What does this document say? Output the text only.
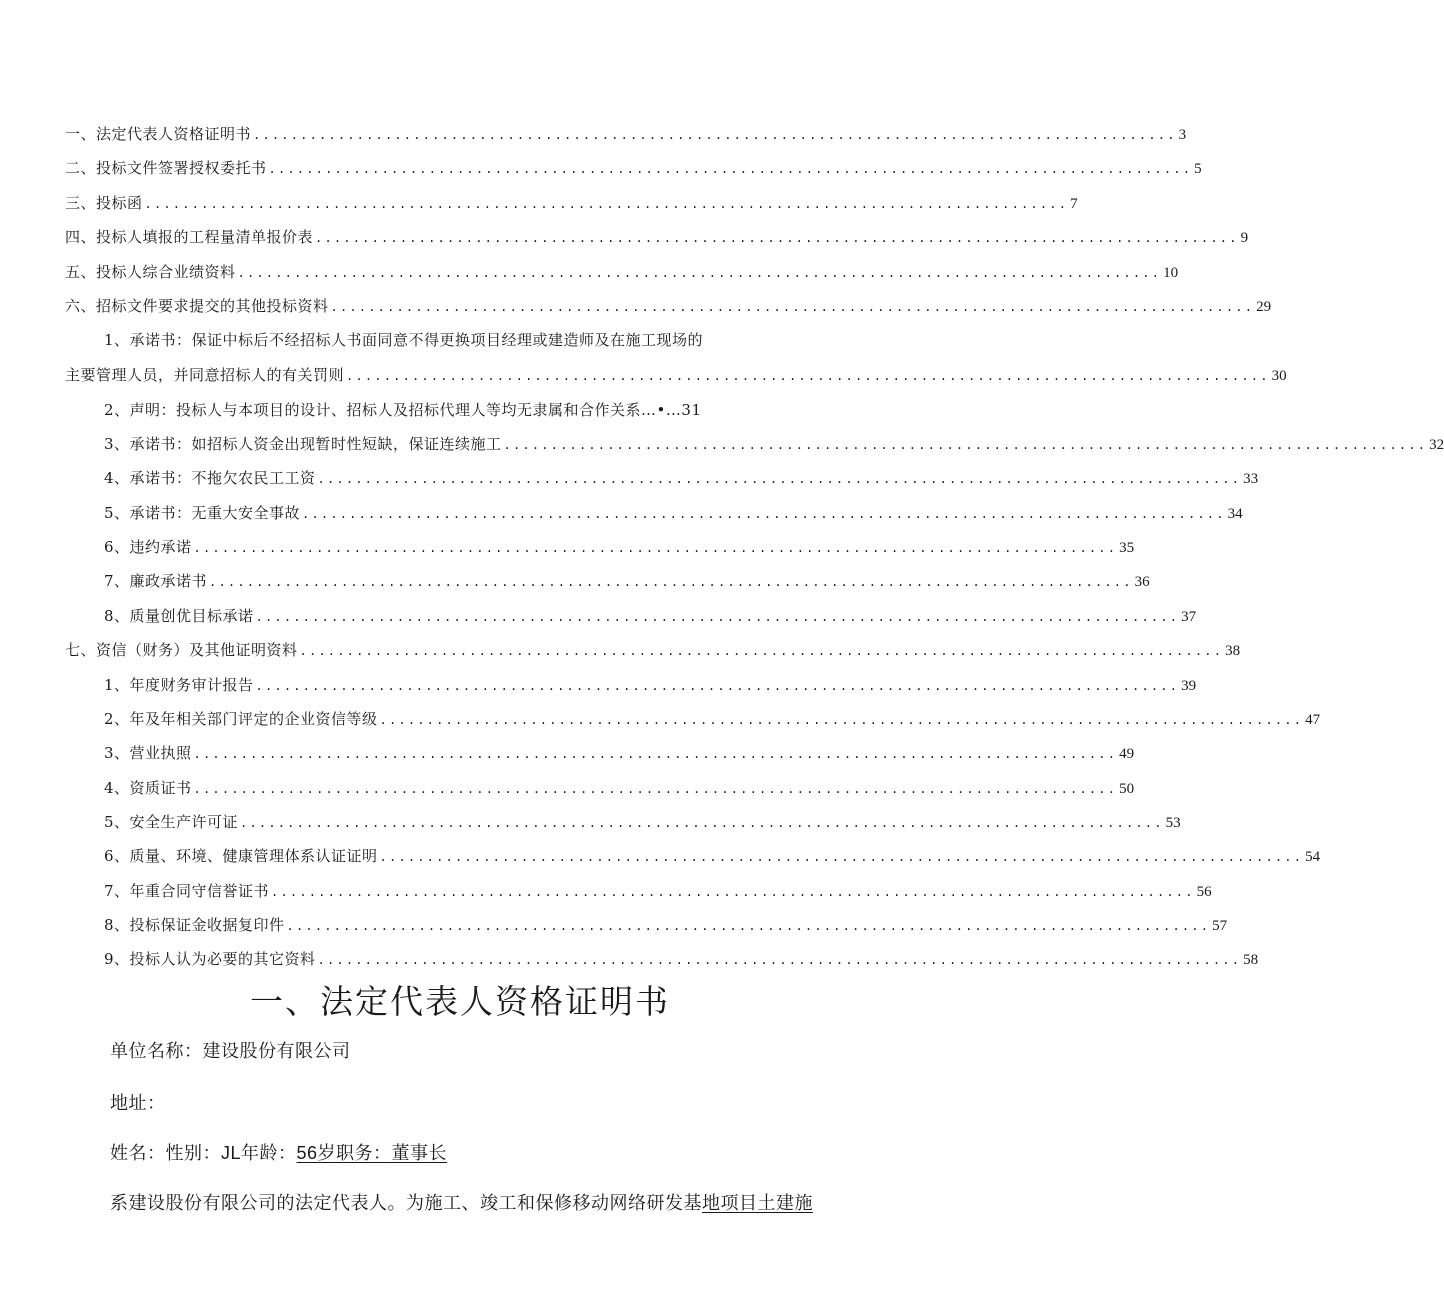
一、法定代表人资格证明书 .................................................................................................. 3
二、投标文件签署授权委托书 .................................................................................................. 5
三、投标函 .................................................................................................. 7
四、投标人填报的工程量清单报价表 .................................................................................................. 9
五、投标人综合业绩资料 .................................................................................................. 10
六、招标文件要求提交的其他投标资料 .................................................................................................. 29
1、承诺书：保证中标后不经招标人书面同意不得更换项目经理或建造师及在施工现场的
主要管理人员，并同意招标人的有关罚则 .................................................................................................. 30
2、声明：投标人与本项目的设计、招标人及招标代理人等均无隶属和合作关系…•…31
3、承诺书：如招标人资金出现暂时性短缺，保证连续施工 .................................................................................................. 32
4、承诺书：不拖欠农民工工资 .................................................................................................. 33
5、承诺书：无重大安全事故 .................................................................................................. 34
6、违约承诺 .................................................................................................. 35
7、廉政承诺书 .................................................................................................. 36
8、质量创优目标承诺 .................................................................................................. 37
七、资信（财务）及其他证明资料 .................................................................................................. 38
1、年度财务审计报告 .................................................................................................. 39
2、年及年相关部门评定的企业资信等级 .................................................................................................. 47
3、营业执照 .................................................................................................. 49
4、资质证书 .................................................................................................. 50
5、安全生产许可证 .................................................................................................. 53
6、质量、环境、健康管理体系认证证明 .................................................................................................. 54
7、年重合同守信誉证书 .................................................................................................. 56
8、投标保证金收据复印件 .................................................................................................. 57
9、投标人认为必要的其它资料 .................................................................................................. 58
一、法定代表人资格证明书
单位名称：建设股份有限公司
地址：
姓名：性别：JL年龄：56岁职务：董事长
系建设股份有限公司的法定代表人。为施工、竣工和保修移动网络研发基地项目土建施
